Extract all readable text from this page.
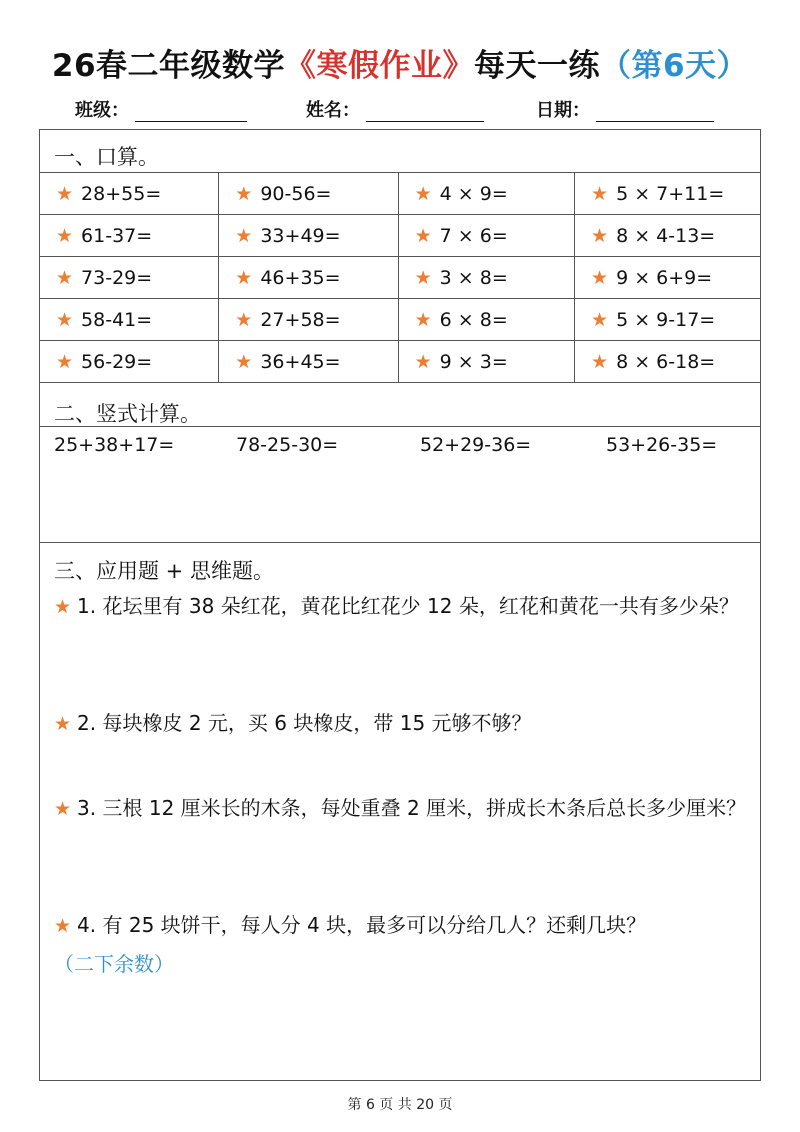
26春二年级数学《寒假作业》每天一练（第6天）
班级：	姓名：	日期：
一、口算。
★ 28+55=	★ 90-56=	★ 4 × 9=	★ 5 × 7+11=
★ 61-37=	★ 33+49=	★ 7 × 6=	★ 8 × 4-13=
★ 73-29=	★ 46+35=	★ 3 × 8=	★ 9 × 6+9=
★ 58-41=	★ 27+58=	★ 6 × 8=	★ 5 × 9-17=
★ 56-29=	★ 36+45=	★ 9 × 3=	★ 8 × 6-18=
二、竖式计算。
25+38+17=	78-25-30=	52+29-36=	53+26-35=
三、应用题 + 思维题。
★ 1. 花坛里有 38 朵红花，黄花比红花少 12 朵，红花和黄花一共有多少朵？
★ 2. 每块橡皮 2 元，买 6 块橡皮，带 15 元够不够？
★ 3. 三根 12 厘米长的木条，每处重叠 2 厘米，拼成长木条后总长多少厘米？
★ 4. 有 25 块饼干，每人分 4 块，最多可以分给几人？还剩几块？（二下余数）
第 6 页 共 20 页
